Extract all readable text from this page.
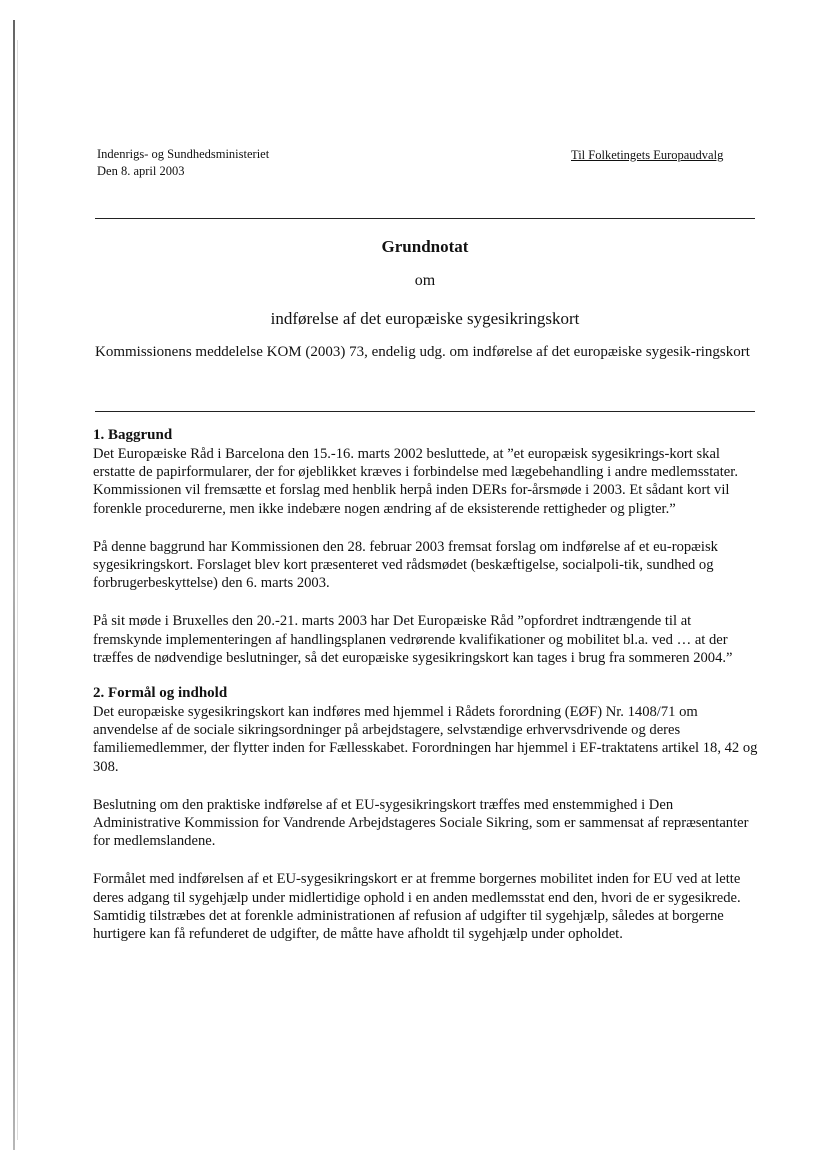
Indenrigs- og Sundhedsministeriet
Den 8. april 2003
Til Folketingets Europaudvalg
Grundnotat
om
indførelse af det europæiske sygesikringskort
Kommissionens meddelelse KOM (2003) 73, endelig udg. om indførelse af det europæiske sygesik-ringskort
1. Baggrund

Det Europæiske Råd i Barcelona den 15.-16. marts 2002 besluttede, at ”et europæisk sygesikrings-kort skal erstatte de papirformularer, der for øjeblikket kræves i forbindelse med lægebehandling i andre medlemsstater. Kommissionen vil fremsætte et forslag med henblik herpå inden DERs for-årsmøde i 2003. Et sådant kort vil forenkle procedurerne, men ikke indebære nogen ændring af de eksisterende rettigheder og pligter.”

På denne baggrund har Kommissionen den 28. februar 2003 fremsat forslag om indførelse af et eu-ropæisk sygesikringskort. Forslaget blev kort præsenteret ved rådsmødet (beskæftigelse, socialpoli-tik, sundhed og forbrugerbeskyttelse) den 6. marts 2003.

På sit møde i Bruxelles den 20.-21. marts 2003 har Det Europæiske Råd ”opfordret indtrængende til at fremskynde implementeringen af handlingsplanen vedrørende kvalifikationer og mobilitet bl.a. ved … at der træffes de nødvendige beslutninger, så det europæiske sygesikringskort kan tages i brug fra sommeren 2004.”

2. Formål og indhold

Det europæiske sygesikringskort kan indføres med hjemmel i Rådets forordning (EØF) Nr. 1408/71 om anvendelse af de sociale sikringsordninger på arbejdstagere, selvstændige erhvervsdrivende og deres familiemedlemmer, der flytter inden for Fællesskabet. Forordningen har hjemmel i EF-traktatens artikel 18, 42 og 308.

Beslutning om den praktiske indførelse af et EU-sygesikringskort træffes med enstemmighed i Den Administrative Kommission for Vandrende Arbejdstageres Sociale Sikring, som er sammensat af repræsentanter for medlemslandene.

Formålet med indførelsen af et EU-sygesikringskort er at fremme borgernes mobilitet inden for EU ved at lette deres adgang til sygehjælp under midlertidige ophold i en anden medlemsstat end den, hvori de er sygesikrede. Samtidig tilstræbes det at forenkle administrationen af refusion af udgifter til sygehjælp, således at borgerne hurtigere kan få refunderet de udgifter, de måtte have afholdt til sygehjælp under opholdet.
